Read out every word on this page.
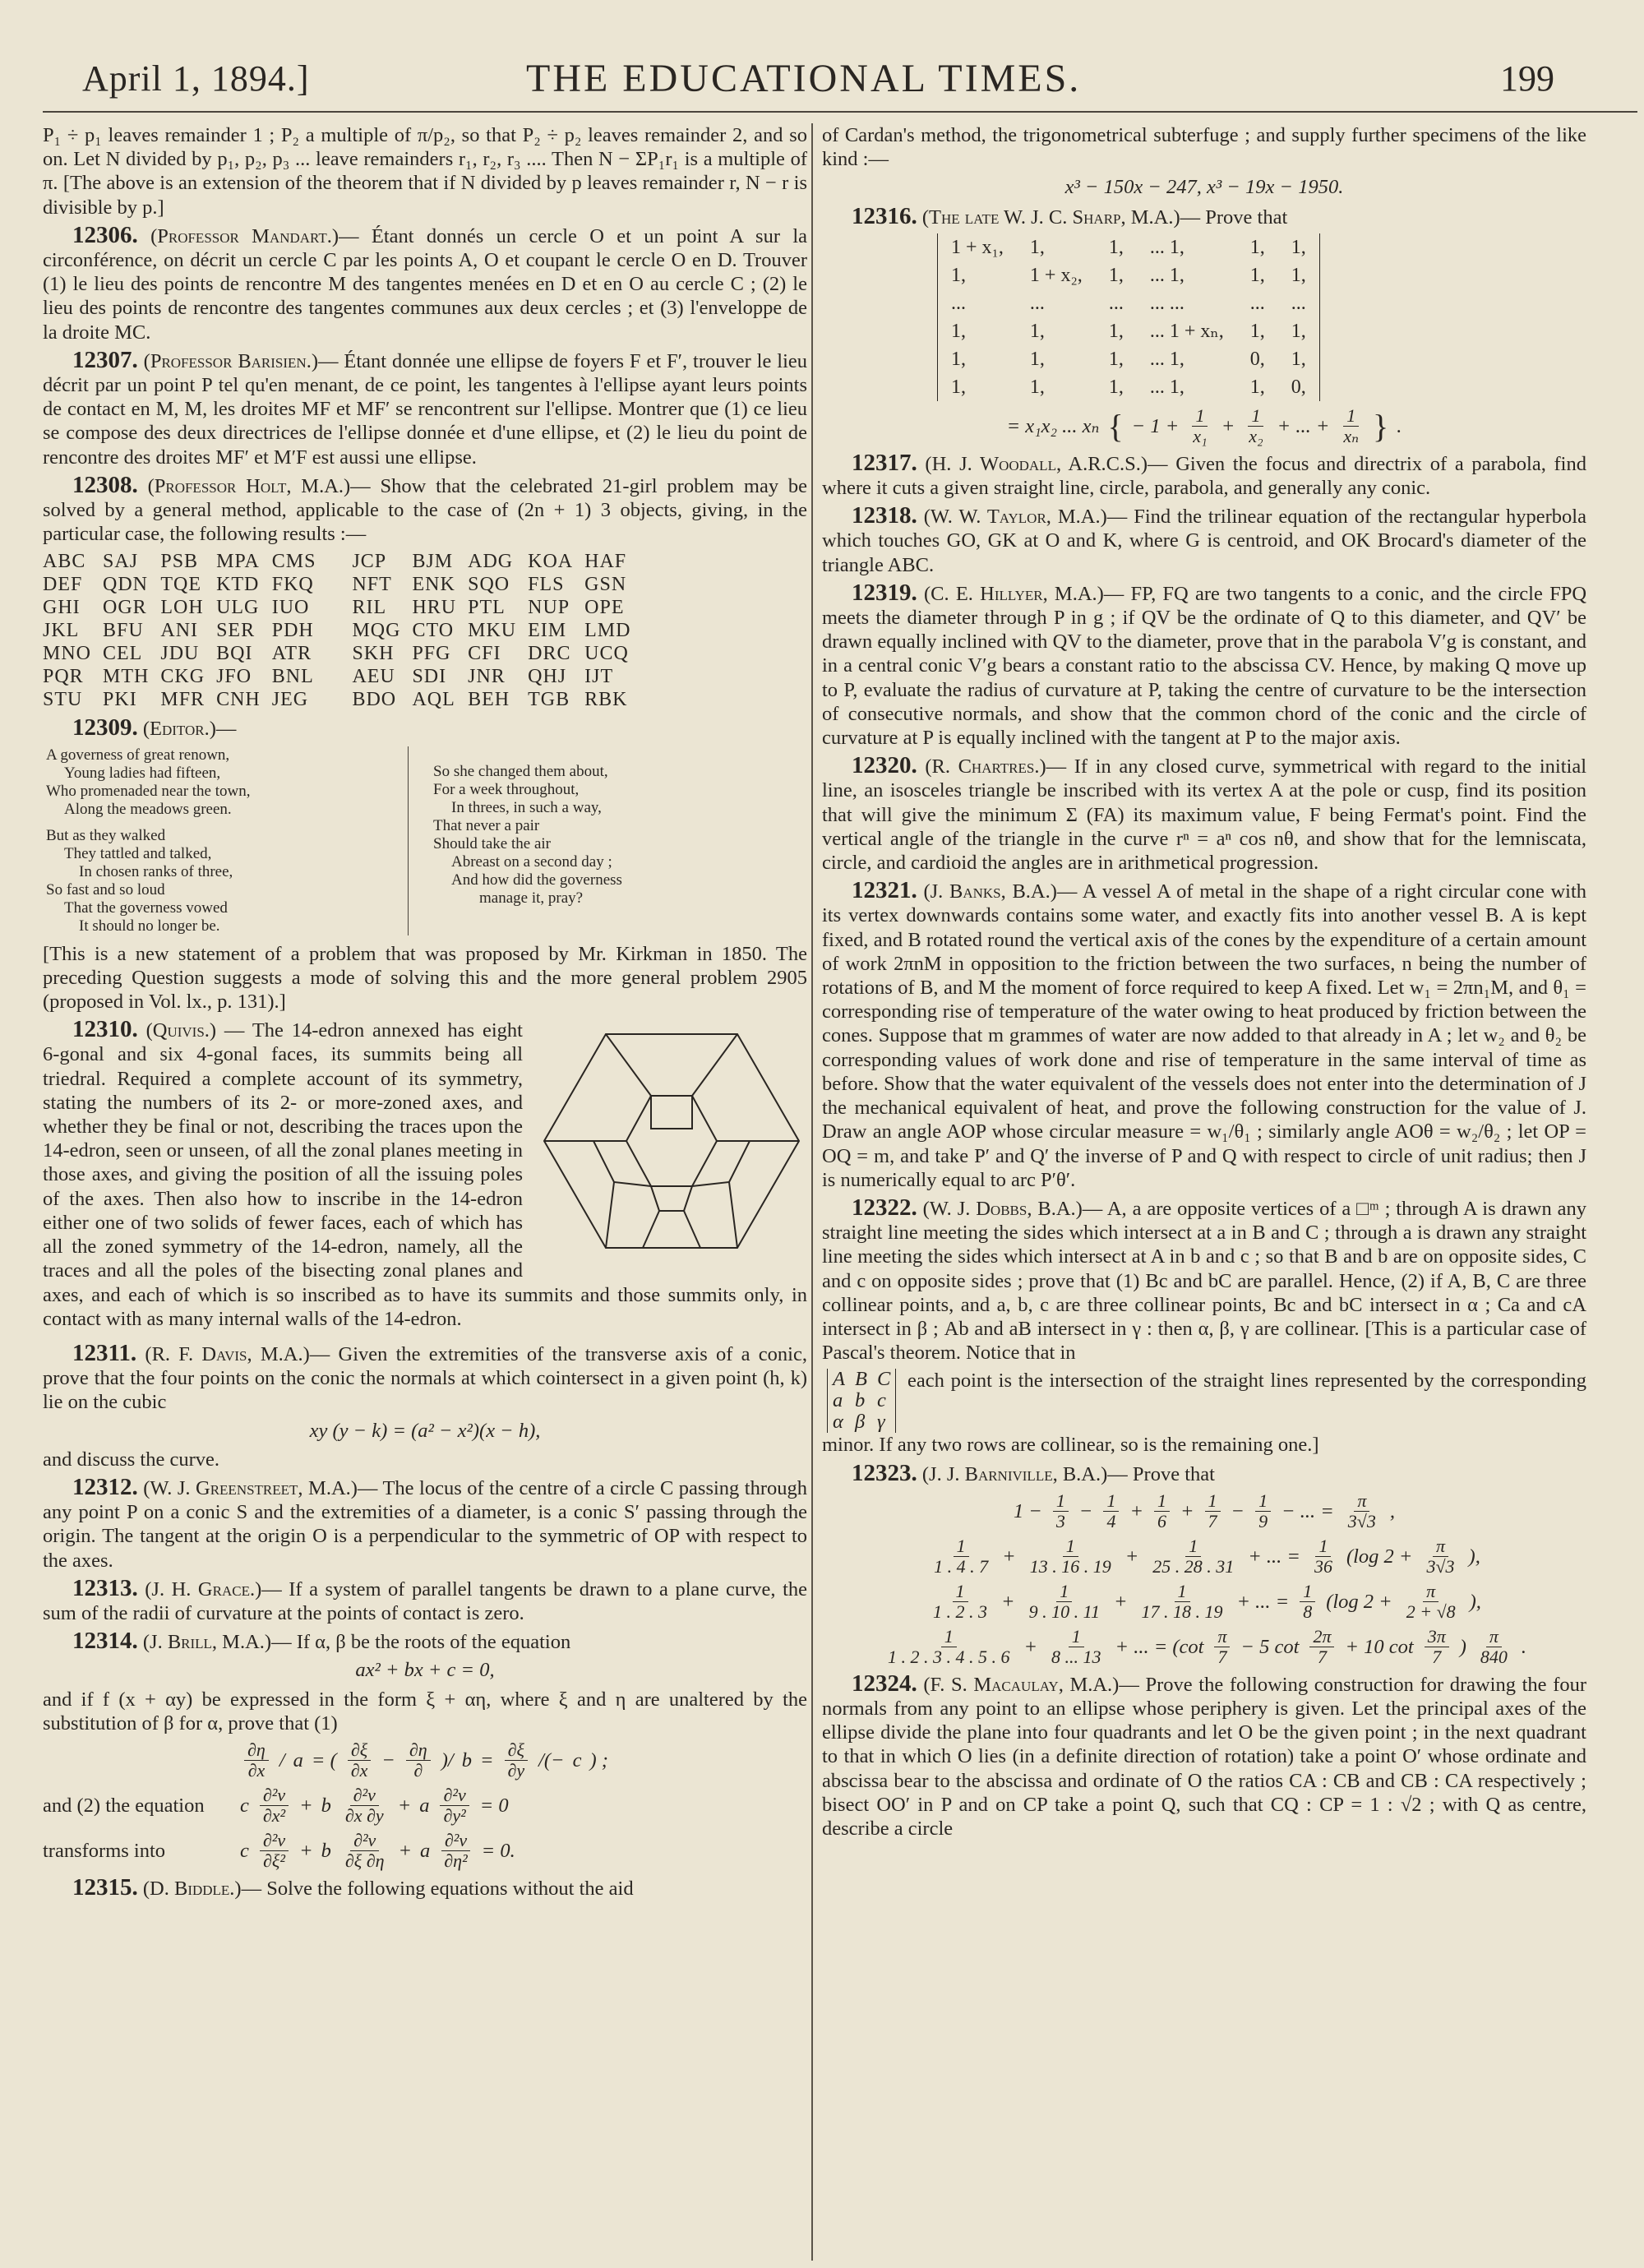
April 1, 1894.]	THE EDUCATIONAL TIMES.	199

P₁ ÷ p₁ leaves remainder 1 ; P₂ a multiple of π/p₂, so that P₂ ÷ p₂ leaves remainder 2, and so on. Let N divided by p₁, p₂, p₃ ... leave remainders r₁, r₂, r₃ .... Then N − ΣP₁r₁ is a multiple of π. [The above is an extension of the theorem that if N divided by p leaves remainder r, N − r is divisible by p.]

12306. (Professor Mandart.)— Étant donnés un cercle O et un point A sur la circonférence, on décrit un cercle C par les points A, O et coupant le cercle O en D. Trouver (1) le lieu des points de rencontre M des tangentes menées en D et en O au cercle C ; (2) le lieu des points de rencontre des tangentes communes aux deux cercles ; et (3) l'enveloppe de la droite MC.

12307. (Professor Barisien.)— Étant donnée une ellipse de foyers F et F′, trouver le lieu décrit par un point P tel qu'en menant, de ce point, les tangentes à l'ellipse ayant leurs points de contact en M, M, les droites MF et MF′ se rencontrent sur l'ellipse. Montrer que (1) ce lieu se compose des deux directrices de l'ellipse donnée et d'une ellipse, et (2) le lieu du point de rencontre des droites MF′ et M′F est aussi une ellipse.

12308. (Professor Holt, M.A.)— Show that the celebrated 21-girl problem may be solved by a general method, applicable to the case of (2n + 1) 3 objects, giving, in the particular case, the following results :—

ABC	SAJ	PSB	MPA	CMS	JCP	BJM	ADG	KOA	HAF
DEF	QDN	TQE	KTD	FKQ	NFT	ENK	SQO	FLS	GSN
GHI	OGR	LOH	ULG	IUO	RIL	HRU	PTL	NUP	OPE
JKL	BFU	ANI	SER	PDH	MQG	CTO	MKU	EIM	LMD
MNO	CEL	JDU	BQI	ATR	SKH	PFG	CFI	DRC	UCQ
PQR	MTH	CKG	JFO	BNL	AEU	SDI	JNR	QHJ	IJT
STU	PKI	MFR	CNH	JEG	BDO	AQL	BEH	TGB	RBK

12309. (Editor.)—

A governess of great renown,
Young ladies had fifteen,
Who promenaded near the town,
Along the meadows green.
But as they walked
They tattled and talked,
In chosen ranks of three,
So fast and so loud
That the governess vowed
It should no longer be.
So she changed them about,
For a week throughout,
In threes, in such a way,
That never a pair
Should take the air
Abreast on a second day ;
And how did the governess
manage it, pray?

[This is a new statement of a problem that was proposed by Mr. Kirkman in 1850. The preceding Question suggests a mode of solving this and the more general problem 2905 (proposed in Vol. lx., p. 131).]

12310. (Quivis.) — The 14-edron annexed has eight 6-gonal and six 4-gonal faces, its summits being all triedral. Required a complete account of its symmetry, stating the numbers of its 2- or more-zoned axes, and whether they be final or not, describing the traces upon the 14-edron, seen or unseen, of all the zonal planes meeting in those axes, and giving the position of all the issuing poles of the axes. Then also how to inscribe in the 14-edron either one of two solids of fewer faces, each of which has all the zoned symmetry of the 14-edron, namely, all the traces and all the poles of the bisecting zonal planes and axes, and each of which is so inscribed as to have its summits and those summits only, in contact with as many internal walls of the 14-edron.

12311. (R. F. Davis, M.A.)— Given the extremities of the transverse axis of a conic, prove that the four points on the conic the normals at which cointersect in a given point (h, k) lie on the cubic

xy (y − k) = (a² − x²)(x − h),

and discuss the curve.

12312. (W. J. Greenstreet, M.A.)— The locus of the centre of a circle C passing through any point P on a conic S and the extremities of a diameter, is a conic S′ passing through the origin. The tangent at the origin O is a perpendicular to the symmetric of OP with respect to the axes.

12313. (J. H. Grace.)— If a system of parallel tangents be drawn to a plane curve, the sum of the radii of curvature at the points of contact is zero.

12314. (J. Brill, M.A.)— If α, β be the roots of the equation

ax² + bx + c = 0,

and if f (x + αy) be expressed in the form ξ + αη, where ξ and η are unaltered by the substitution of β for α, prove that (1)

$\frac{\partial\eta}{\partial x}$ / a = ( $\frac{\partial\xi}{\partial x} - \frac{\partial\eta}{\partial}$ )/ $b = \frac{\partial\xi}{\partial y}$ /(− c ) ;
and (2) the equation	c $\frac{\text{∂²v}}{\text{∂x²}} + b \frac{\text{∂²v}}{\partial x \partial y} + a \frac{\text{∂²v}}{\text{∂y²}} = 0$
transforms into	c $\frac{\text{∂²v}}{\text{∂ξ²}} + b \frac{\text{∂²v}}{\partial\xi \partial\eta} + a \frac{\text{∂²v}}{\text{∂η²}} = 0$.

12315. (D. Biddle.)— Solve the following equations without the aid

of Cardan's method, the trigonometrical subterfuge ; and supply further specimens of the like kind :—

x³ − 150x − 247, x³ − 19x − 1950.

12316. (The late W. J. C. Sharp, M.A.)— Prove that

1 + x₁,	1,	1,	... 1,	1,	1,
1,	1 + x₂,	1,	... 1,	1,	1,
...	...	...	... ...	...	...
1,	1,	1,	... 1 + xₙ,	1,	1,
1,	1,	1,	... 1,	0,	1,
1,	1,	1,	... 1,	1,	0,
= x₁x₂ ... xₙ { − $1 + \frac{1}{\text{x₁}} + \frac{1}{\text{x₂}}$ + ... + $\frac{1}{\text{xₙ}}$ } .

12317. (H. J. Woodall, A.R.C.S.)— Given the focus and directrix of a parabola, find where it cuts a given straight line, circle, parabola, and generally any conic.

12318. (W. W. Taylor, M.A.)— Find the trilinear equation of the rectangular hyperbola which touches GO, GK at O and K, where G is centroid, and OK Brocard's diameter of the triangle ABC.

12319. (C. E. Hillyer, M.A.)— FP, FQ are two tangents to a conic, and the circle FPQ meets the diameter through P in g ; if QV be the ordinate of Q to this diameter, and QV′ be drawn equally inclined with QV to the diameter, prove that in the parabola V′g is constant, and in a central conic V′g bears a constant ratio to the abscissa CV. Hence, by making Q move up to P, evaluate the radius of curvature at P, taking the centre of curvature to be the intersection of consecutive normals, and show that the common chord of the conic and the circle of curvature at P is equally inclined with the tangent at P to the major axis.

12320. (R. Chartres.)— If in any closed curve, symmetrical with regard to the initial line, an isosceles triangle be inscribed with its vertex A at the pole or cusp, find its position that will give the minimum Σ (FA) its maximum value, F being Fermat's point. Find the vertical angle of the triangle in the curve rⁿ = aⁿ cos nθ, and show that for the lemniscata, circle, and cardioid the angles are in arithmetical progression.

12321. (J. Banks, B.A.)— A vessel A of metal in the shape of a right circular cone with its vertex downwards contains some water, and exactly fits into another vessel B. A is kept fixed, and B rotated round the vertical axis of the cones by the expenditure of a certain amount of work 2πnM in opposition to the friction between the two surfaces, n being the number of rotations of B, and M the moment of force required to keep A fixed. Let w₁ = 2πn₁M, and θ₁ = corresponding rise of temperature of the water owing to heat produced by friction between the cones. Suppose that m grammes of water are now added to that already in A ; let w₂ and θ₂ be corresponding values of work done and rise of temperature in the same interval of time as before. Show that the water equivalent of the vessels does not enter into the determination of J the mechanical equivalent of heat, and prove the following construction for the value of J. Draw an angle AOP whose circular measure = w₁/θ₁ ; similarly angle AOθ = w₂/θ₂ ; let OP = OQ = m, and take P′ and Q′ the inverse of P and Q with respect to circle of unit radius; then J is numerically equal to arc P′θ′.

12322. (W. J. Dobbs, B.A.)— A, a are opposite vertices of a □ᵐ ; through A is drawn any straight line meeting the sides which intersect at a in B and C ; through a is drawn any straight line meeting the sides which intersect at A in b and c ; so that B and b are on opposite sides, C and c on opposite sides ; prove that (1) Bc and bC are parallel. Hence, (2) if A, B, C are three collinear points, and a, b, c are three collinear points, Bc and bC intersect in α ; Ca and cA intersect in β ; Ab and aB intersect in γ : then α, β, γ are collinear. [This is a particular case of Pascal's theorem. Notice that in

A	B	C
a	b	c
α	β	γ each point is the intersection of the straight lines represented by the corresponding minor. If any two rows are collinear, so is the remaining one.]

12323. (J. J. Barniville, B.A.)— Prove that

$1 - \frac{1}{3} - \frac{1}{4} + \frac{1}{6} + \frac{1}{7} - \frac{1}{9}$ − ... = $\frac{\pi}{3√3}$ ,
$\frac{1}{1 . 4 . 7} + \frac{1}{13 . 16 . 19} + \frac{1}{25 . 28 . 31}$ + ... = $\frac{1}{36} (\log$ $2 + \frac{\pi}{3√3}$ ),
$\frac{1}{1 . 2 . 3} + \frac{1}{9 . 10 . 11} + \frac{1}{17 . 18 . 19}$ + ... = $\frac{1}{8} (\log$ $2 + \frac{\pi}{2 + √8}$ ),
$\frac{1}{1 . 2 . 3 . 4 . 5 . 6} + \frac{1}{8 ... 13}$ + ... = ($\cot \frac{\pi}{7} - 5$ $\cot \frac{2\pi}{7} + 10$ $\cot \frac{3\pi}{7}$ ) $\frac{\pi}{840}$ .

12324. (F. S. Macaulay, M.A.)— Prove the following construction for drawing the four normals from any point to an ellipse whose periphery is given. Let the principal axes of the ellipse divide the plane into four quadrants and let O be the given point ; in the next quadrant to that in which O lies (in a definite direction of rotation) take a point O′ whose ordinate and abscissa bear to the abscissa and ordinate of O the ratios CA : CB and CB : CA respectively ; bisect OO′ in P and on CP take a point Q, such that CQ : CP = 1 : √2 ; with Q as centre, describe a circle
